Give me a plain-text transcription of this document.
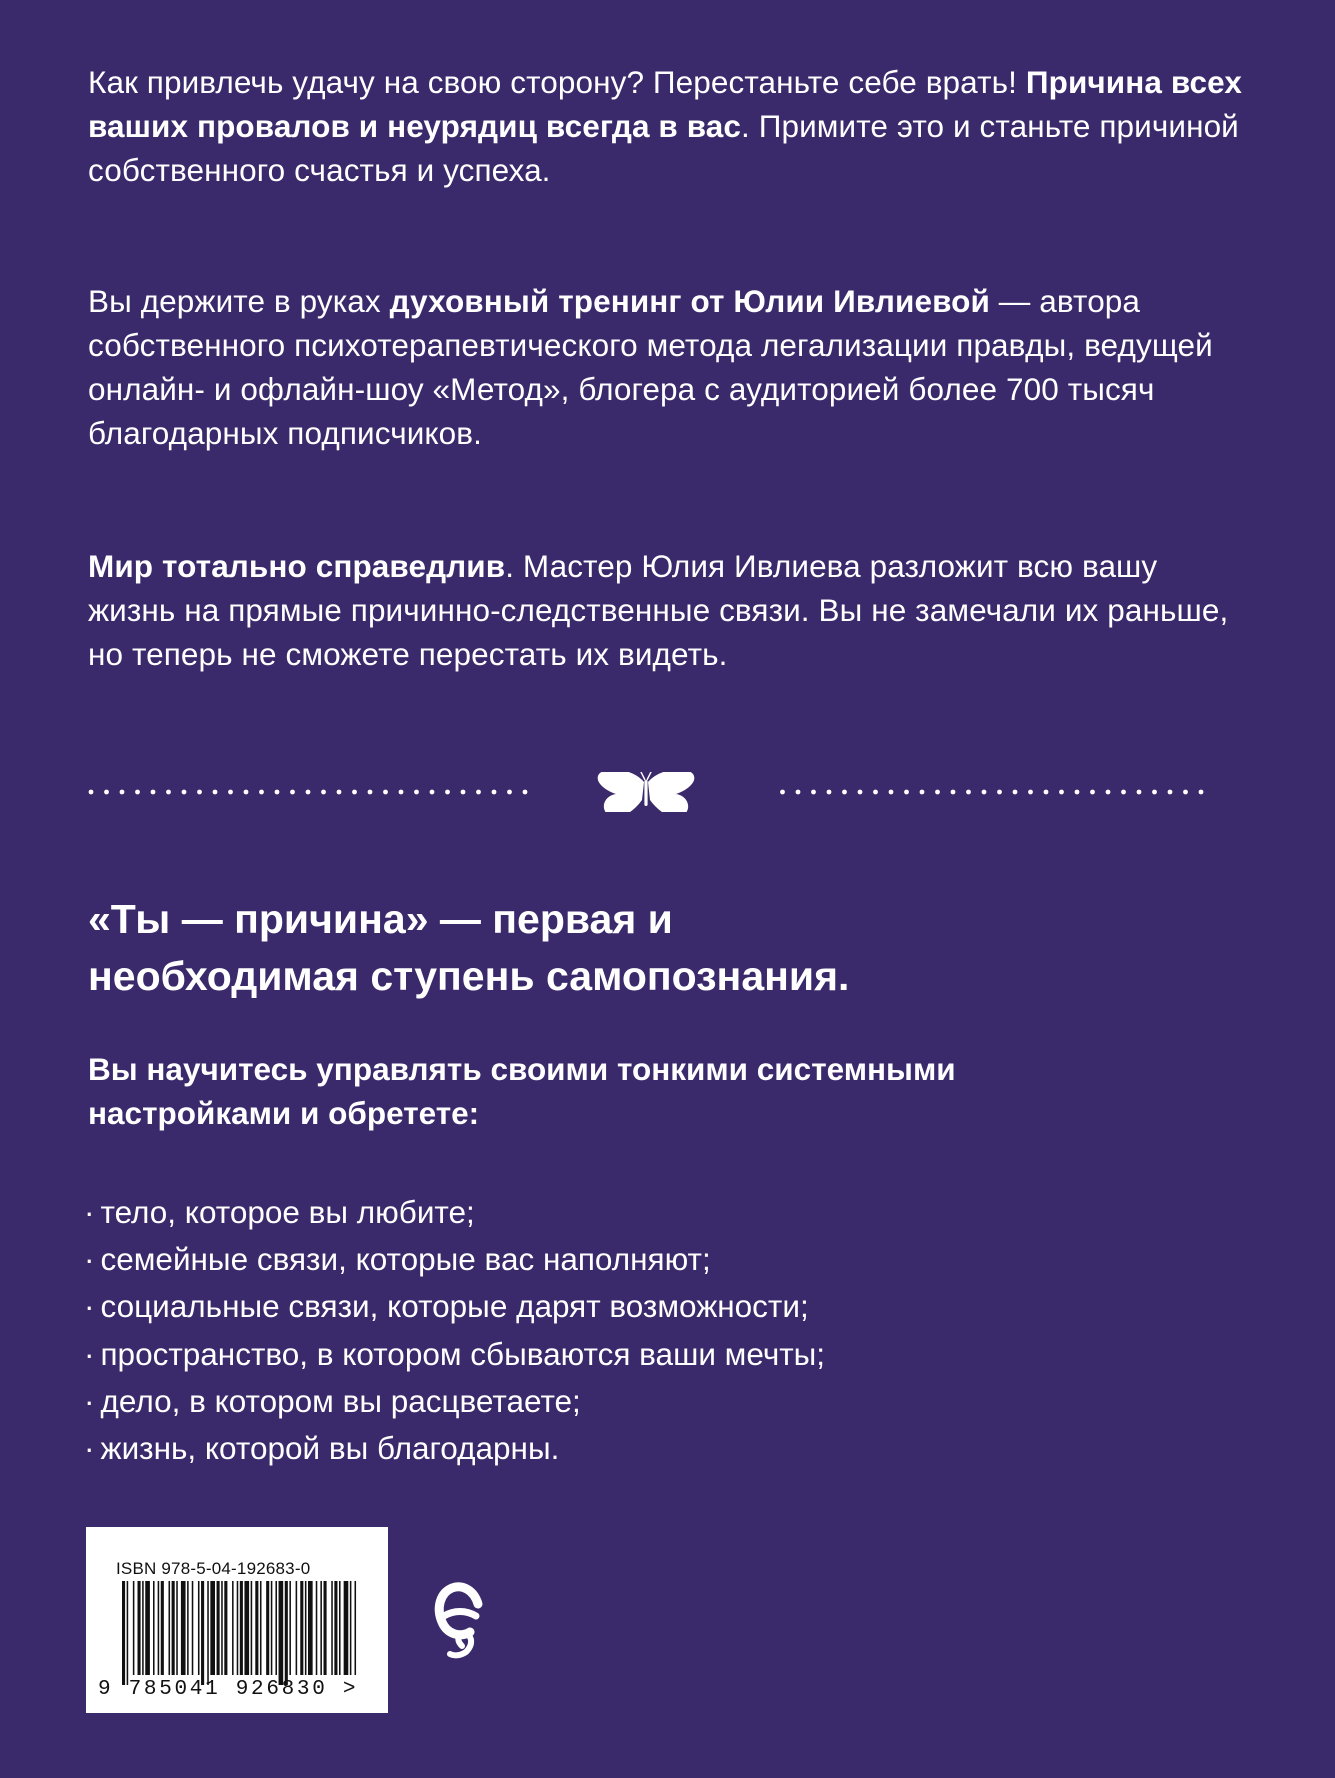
Как привлечь удачу на свою сторону? Перестаньте себе врать! Причина всех ваших провалов и неурядиц всегда в вас. Примите это и станьте причиной собственного счастья и успеха.

Вы держите в руках духовный тренинг от Юлии Ивлиевой — автора собственного психотерапевтического метода легализации правды, ведущей онлайн- и офлайн-шоу «Метод», блогера с аудиторией более 700 тысяч благодарных подписчиков.

Мир тотально справедлив. Мастер Юлия Ивлиева разложит всю вашу жизнь на прямые причинно-следственные связи. Вы не замечали их раньше, но теперь не сможете перестать их видеть.

«Ты — причина» — первая и
необходимая ступень самопознания.

Вы научитесь управлять своими тонкими системными
настройками и обретете:

· тело, которое вы любите;
· семейные связи, которые вас наполняют;
· социальные связи, которые дарят возможности;
· пространство, в котором сбываются ваши мечты;
· дело, в котором вы расцветаете;
· жизнь, которой вы благодарны.

ISBN 978-5-04-192683-0

9 785041 926830 >
